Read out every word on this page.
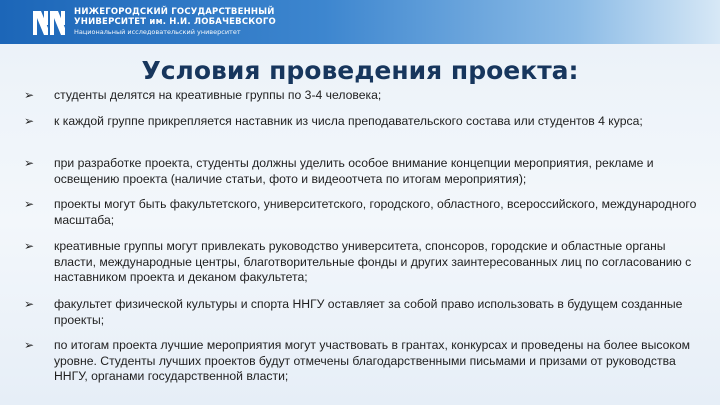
НИЖЕГОРОДСКИЙ ГОСУДАРСТВЕННЫЙ
УНИВЕРСИТЕТ им. Н.И. ЛОБАЧЕВСКОГО
Национальный исследовательский университет
Условия проведения проекта:
➢	студенты делятся на креативные группы по 3-4 человека;
➢	к каждой группе прикрепляется наставник из числа преподавательского состава или студентов 4 курса;
➢	при разработке проекта, студенты должны уделить особое внимание концепции мероприятия, рекламе и освещению проекта (наличие статьи, фото и видеоотчета по итогам мероприятия);
➢	проекты могут быть факультетского, университетского, городского, областного, всероссийского, международного масштаба;
➢	креативные группы могут привлекать руководство университета, спонсоров, городские и областные органы власти, международные центры, благотворительные фонды и других заинтересованных лиц по согласованию с наставником проекта и деканом факультета;
➢	факультет физической культуры и спорта ННГУ оставляет за собой право использовать в будущем созданные проекты;
➢	по итогам проекта лучшие мероприятия могут участвовать в грантах, конкурсах и проведены на более высоком уровне. Студенты лучших проектов будут отмечены благодарственными письмами и призами от руководства ННГУ, органами государственной власти;
